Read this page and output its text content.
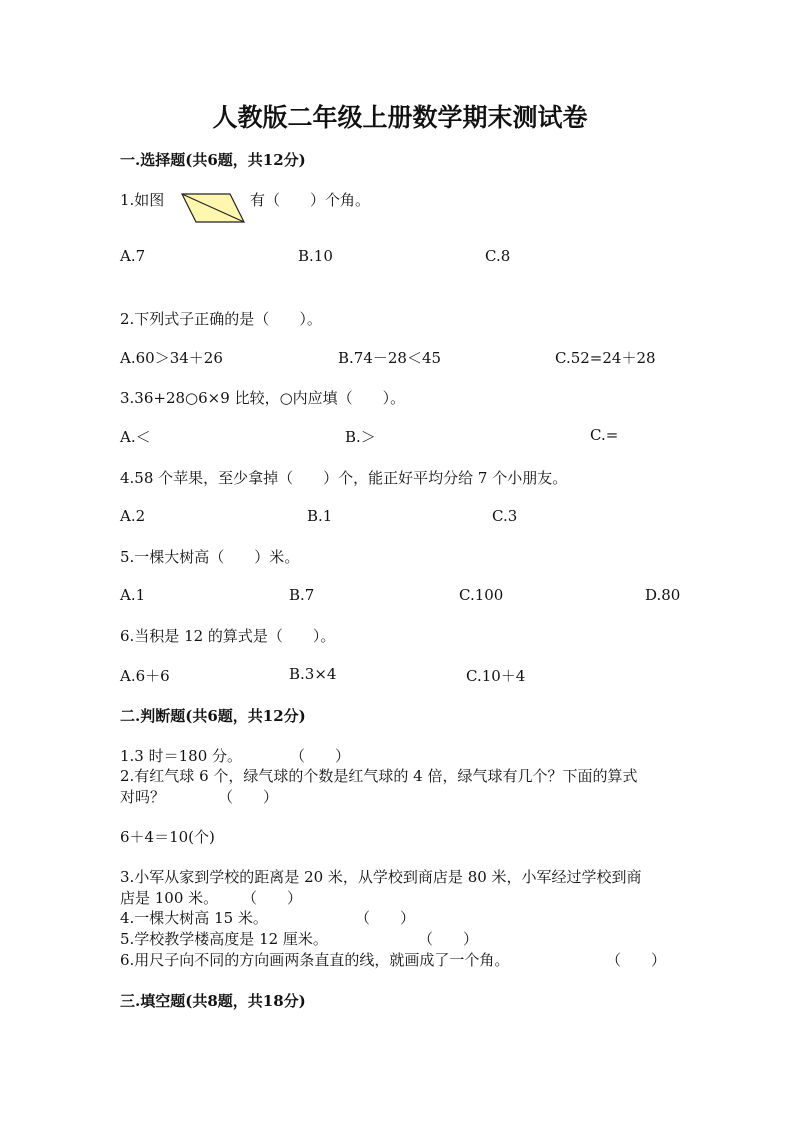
人教版二年级上册数学期末测试卷
一.选择题(共6题，共12分)
1.如图	有（　　）个角。
A.7	B.10	C.8
2.下列式子正确的是（　　）。
A.60＞34＋26	B.74－28＜45	C.52=24＋28
3.36+28○6×9 比较，○内应填（　　）。
A.＜	B.＞	C.=
4.58 个苹果，至少拿掉（　　）个，能正好平均分给 7 个小朋友。
A.2	B.1	C.3
5.一棵大树高（　　）米。
A.1	B.7	C.100	D.80
6.当积是 12 的算式是（　　）。
A.6＋6	B.3×4	C.10＋4
二.判断题(共6题，共12分)
1.3 时＝180 分。	（　　）
2.有红气球 6 个，绿气球的个数是红气球的 4 倍，绿气球有几个？下面的算式
对吗？	（　　）
6＋4＝10(个)
3.小军从家到学校的距离是 20 米，从学校到商店是 80 米，小军经过学校到商
店是 100 米。 （　　）
4.一棵大树高 15 米。	（　　）
5.学校教学楼高度是 12 厘米。	（　　）
6.用尺子向不同的方向画两条直直的线，就画成了一个角。	（　　）
三.填空题(共8题，共18分)
